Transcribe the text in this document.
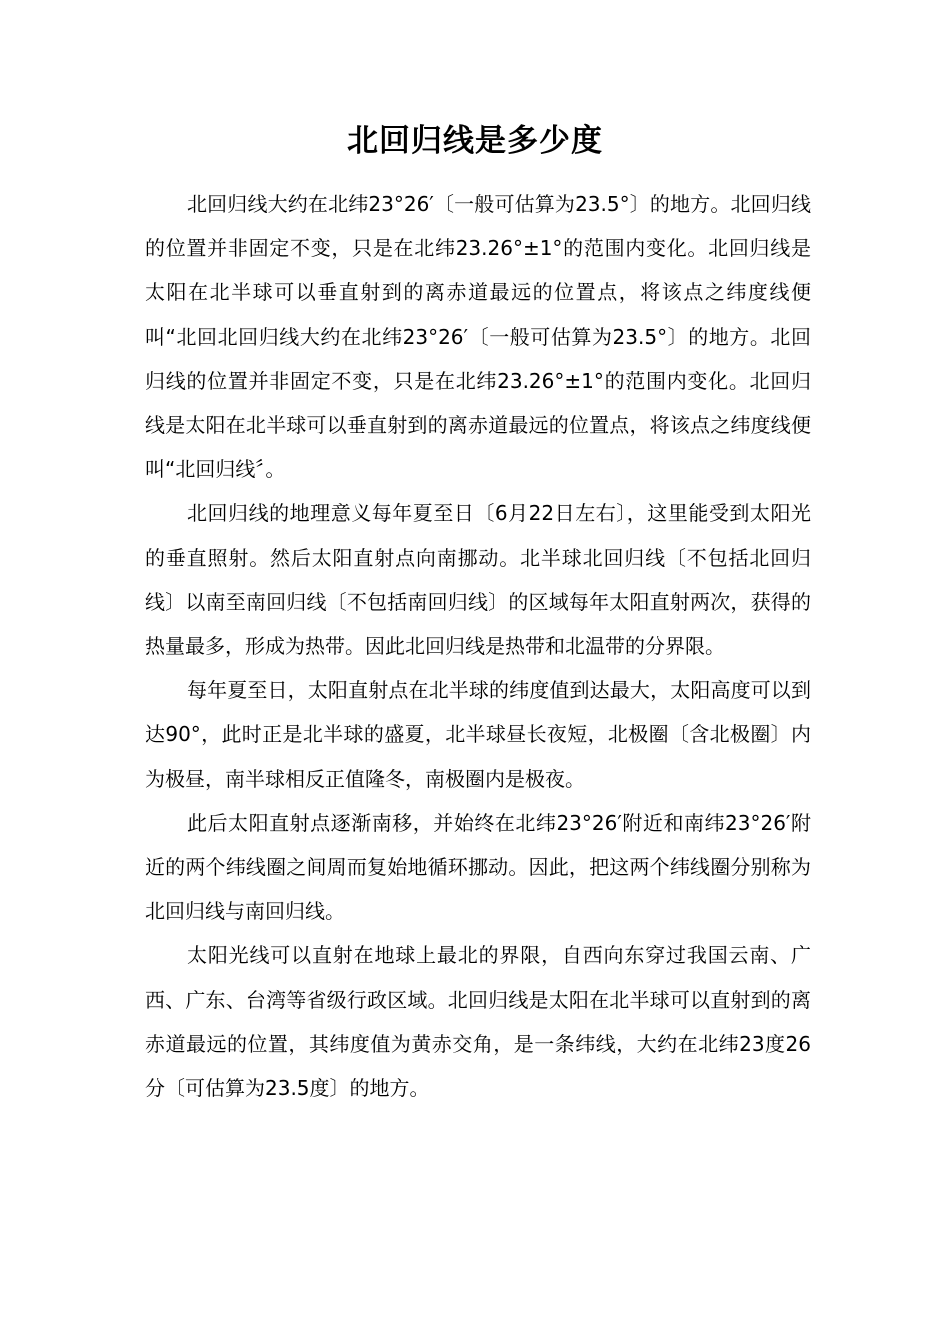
北回归线是多少度

北回归线大约在北纬23°26′〔一般可估算为23.5°〕的地方。北回归线的位置并非固定不变，只是在北纬23.26°±1°的范围内变化。北回归线是太阳在北半球可以垂直射到的离赤道最远的位置点，将该点之纬度线便叫“北回北回归线大约在北纬23°26′〔一般可估算为23.5°〕的地方。北回归线的位置并非固定不变，只是在北纬23.26°±1°的范围内变化。北回归线是太阳在北半球可以垂直射到的离赤道最远的位置点，将该点之纬度线便叫“北回归线〞。

北回归线的地理意义每年夏至日〔6月22日左右〕，这里能受到太阳光的垂直照射。然后太阳直射点向南挪动。北半球北回归线〔不包括北回归线〕以南至南回归线〔不包括南回归线〕的区域每年太阳直射两次，获得的热量最多，形成为热带。因此北回归线是热带和北温带的分界限。

每年夏至日，太阳直射点在北半球的纬度值到达最大，太阳高度可以到达90°，此时正是北半球的盛夏，北半球昼长夜短，北极圈〔含北极圈〕内为极昼，南半球相反正值隆冬，南极圈内是极夜。

此后太阳直射点逐渐南移，并始终在北纬23°26′附近和南纬23°26′附近的两个纬线圈之间周而复始地循环挪动。因此，把这两个纬线圈分别称为北回归线与南回归线。

太阳光线可以直射在地球上最北的界限，自西向东穿过我国云南、广西、广东、台湾等省级行政区域。北回归线是太阳在北半球可以直射到的离赤道最远的位置，其纬度值为黄赤交角，是一条纬线，大约在北纬23度26分〔可估算为23.5度〕的地方。
